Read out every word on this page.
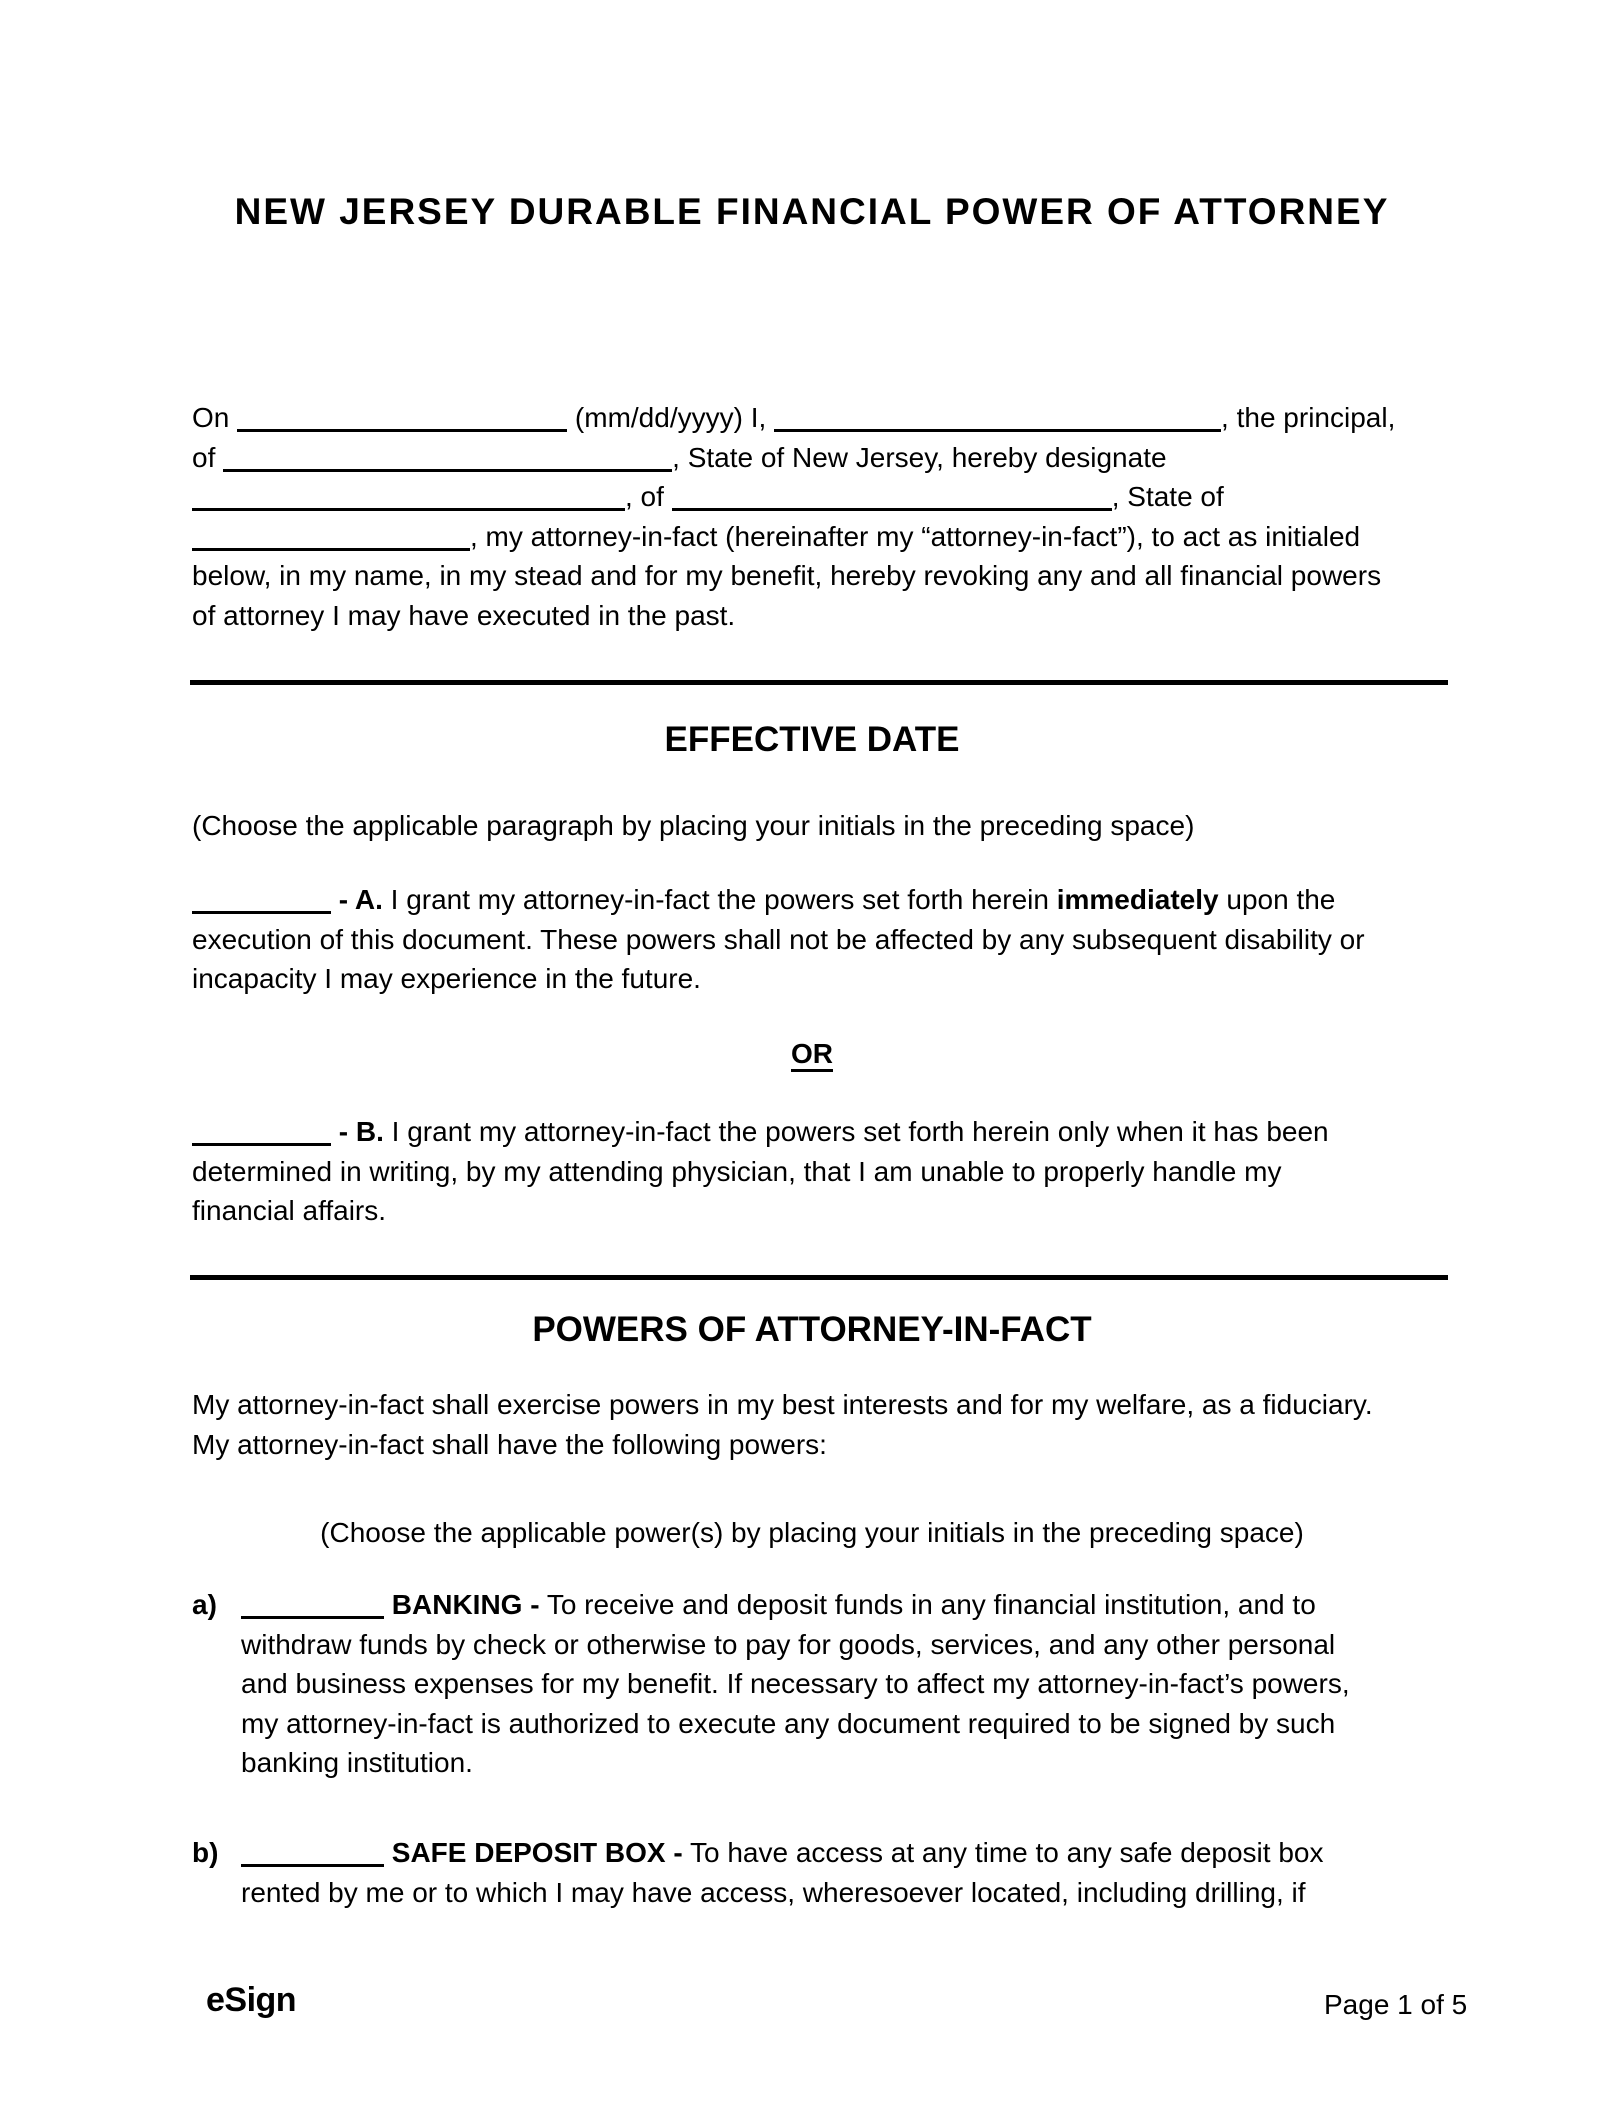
NEW JERSEY DURABLE FINANCIAL POWER OF ATTORNEY
On	(mm/dd/yyyy) I,	, the principal,
of	, State of New Jersey, hereby designate
, of	, State of
, my attorney-in-fact (hereinafter my “attorney-in-fact”), to act as initialed
below, in my name, in my stead and for my benefit, hereby revoking any and all financial powers
of attorney I may have executed in the past.
EFFECTIVE DATE
(Choose the applicable paragraph by placing your initials in the preceding space)
- A. I grant my attorney-in-fact the powers set forth herein immediately upon the
execution of this document. These powers shall not be affected by any subsequent disability or
incapacity I may experience in the future.
OR
- B. I grant my attorney-in-fact the powers set forth herein only when it has been
determined in writing, by my attending physician, that I am unable to properly handle my
financial affairs.
POWERS OF ATTORNEY-IN-FACT
My attorney-in-fact shall exercise powers in my best interests and for my welfare, as a fiduciary.
My attorney-in-fact shall have the following powers:
(Choose the applicable power(s) by placing your initials in the preceding space)
a)	BANKING - To receive and deposit funds in any financial institution, and to
withdraw funds by check or otherwise to pay for goods, services, and any other personal
and business expenses for my benefit. If necessary to affect my attorney-in-fact’s powers,
my attorney-in-fact is authorized to execute any document required to be signed by such
banking institution.
b)	SAFE DEPOSIT BOX - To have access at any time to any safe deposit box
rented by me or to which I may have access, wheresoever located, including drilling, if
eSign	Page 1 of 5
